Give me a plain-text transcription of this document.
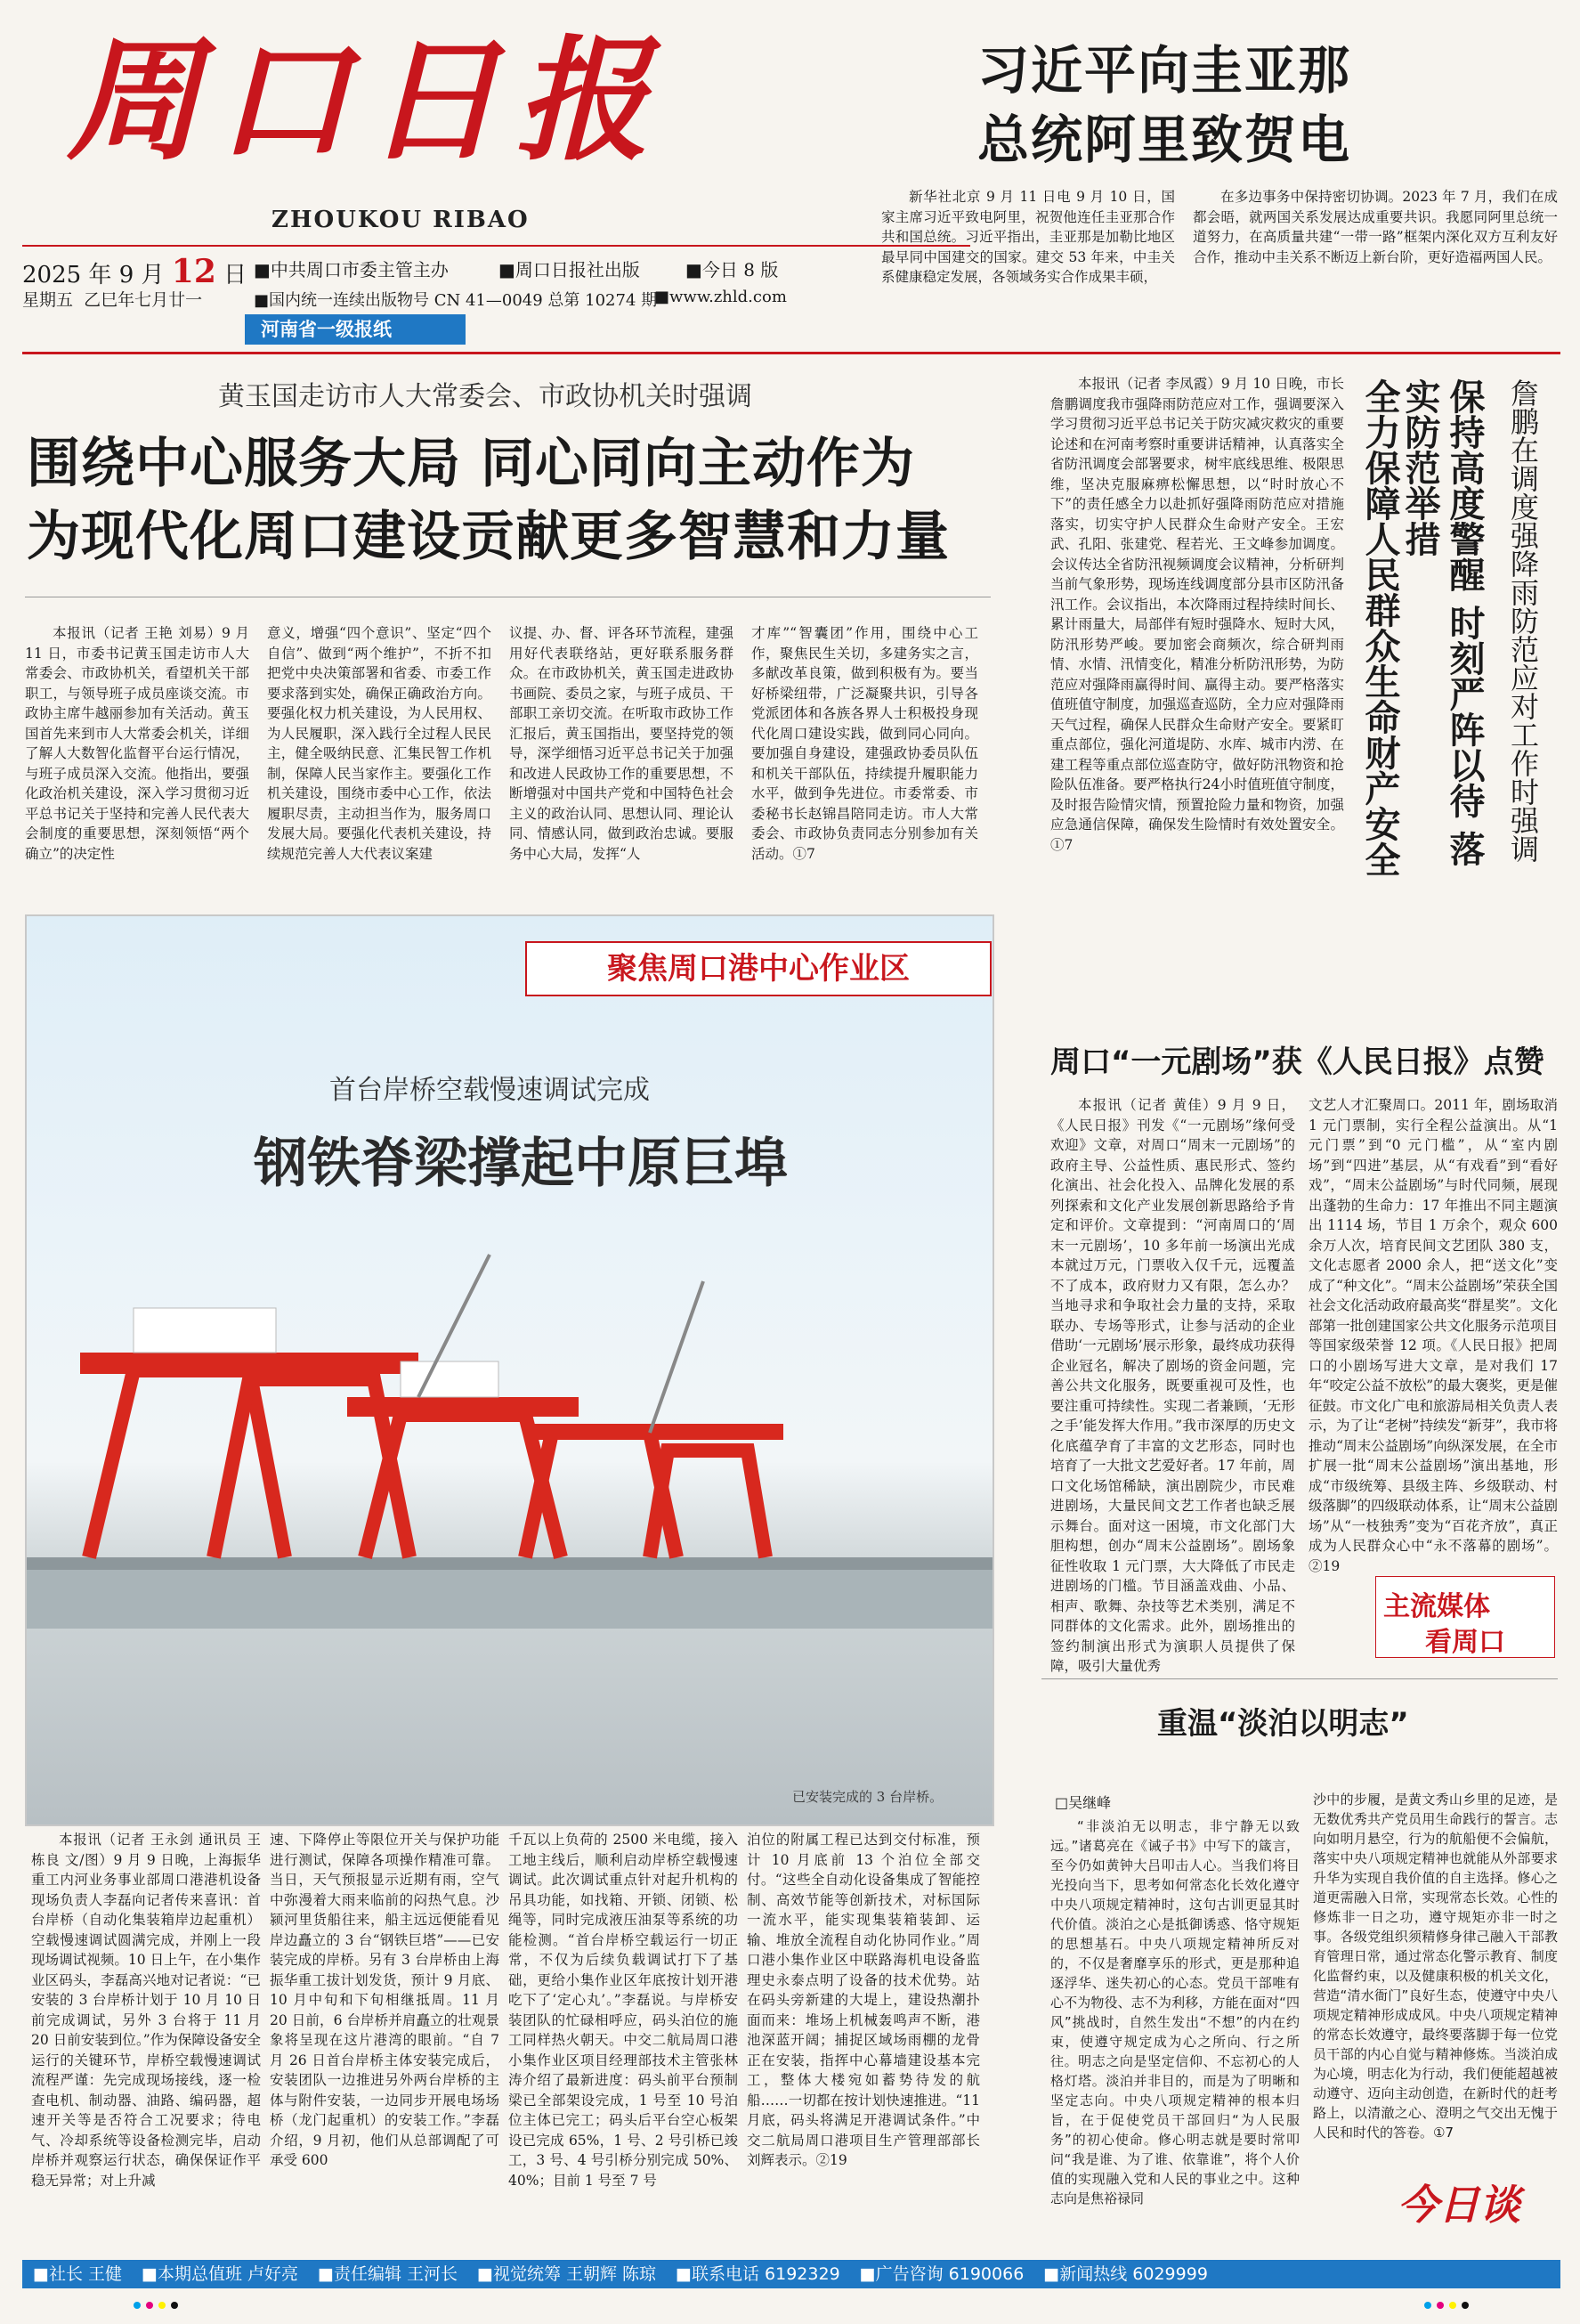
周口日报
ZHOUKOU RIBAO
2025 年 9 月 12 日 ■中共周口市委主管主办	■周口日报社出版	■今日 8 版
星期五 乙巳年七月廿一	■国内统一连续出版物号 CN 41—0049 总第 10274 期
■www.zhld.com
河南省一级报纸
习近平向圭亚那
总统阿里致贺电

新华社北京 9 月 11 日电 9 月 10 日，国家主席习近平致电阿里，祝贺他连任圭亚那合作共和国总统。习近平指出，圭亚那是加勒比地区最早同中国建交的国家。建交 53 年来，中圭关系健康稳定发展，各领域务实合作成果丰硕，

在多边事务中保持密切协调。2023 年 7 月，我们在成都会晤，就两国关系发展达成重要共识。我愿同阿里总统一道努力，在高质量共建“一带一路”框架内深化双方互利友好合作，推动中圭关系不断迈上新台阶，更好造福两国人民。

黄玉国走访市人大常委会、市政协机关时强调
围绕中心服务大局 同心同向主动作为
为现代化周口建设贡献更多智慧和力量

本报讯（记者 王艳 刘易）9 月 11 日，市委书记黄玉国走访市人大常委会、市政协机关，看望机关干部职工，与领导班子成员座谈交流。市政协主席牛越丽参加有关活动。黄玉国首先来到市人大常委会机关，详细了解人大数智化监督平台运行情况，与班子成员深入交流。他指出，要强化政治机关建设，深入学习贯彻习近平总书记关于坚持和完善人民代表大会制度的重要思想，深刻领悟“两个确立”的决定性

意义，增强“四个意识”、坚定“四个自信”、做到“两个维护”，不折不扣把党中央决策部署和省委、市委工作要求落到实处，确保正确政治方向。要强化权力机关建设，为人民用权、为人民履职，深入践行全过程人民民主，健全吸纳民意、汇集民智工作机制，保障人民当家作主。要强化工作机关建设，围绕市委中心工作，依法履职尽责，主动担当作为，服务周口发展大局。要强化代表机关建设，持续规范完善人大代表议案建

议提、办、督、评各环节流程，建强用好代表联络站，更好联系服务群众。在市政协机关，黄玉国走进政协书画院、委员之家，与班子成员、干部职工亲切交流。在听取市政协工作汇报后，黄玉国指出，要坚持党的领导，深学细悟习近平总书记关于加强和改进人民政协工作的重要思想，不断增强对中国共产党和中国特色社会主义的政治认同、思想认同、理论认同、情感认同，做到政治忠诚。要服务中心大局，发挥“人

才库”“智囊团”作用，围绕中心工作，聚焦民生关切，多建务实之言，多献改革良策，做到积极有为。要当好桥梁纽带，广泛凝聚共识，引导各党派团体和各族各界人士积极投身现代化周口建设实践，做到同心同向。要加强自身建设，建强政协委员队伍和机关干部队伍，持续提升履职能力水平，做到争先进位。市委常委、市委秘书长赵锦昌陪同走访。市人大常委会、市政协负责同志分别参加有关活动。①7

本报讯（记者 李凤霞）9 月 10 日晚，市长詹鹏调度我市强降雨防范应对工作，强调要深入学习贯彻习近平总书记关于防灾减灾救灾的重要论述和在河南考察时重要讲话精神，认真落实全省防汛调度会部署要求，树牢底线思维、极限思维，坚决克服麻痹松懈思想，以“时时放心不下”的责任感全力以赴抓好强降雨防范应对措施落实，切实守护人民群众生命财产安全。王宏武、孔阳、张建党、程若光、王文峰参加调度。会议传达全省防汛视频调度会议精神，分析研判当前气象形势，现场连线调度部分县市区防汛备汛工作。会议指出，本次降雨过程持续时间长、累计雨量大，局部伴有短时强降水、短时大风，防汛形势严峻。要加密会商频次，综合研判雨情、水情、汛情变化，精准分析防汛形势，为防范应对强降雨赢得时间、赢得主动。要严格落实值班值守制度，加强巡查巡防，全力应对强降雨天气过程，确保人民群众生命财产安全。要紧盯重点部位，强化河道堤防、水库、城市内涝、在建工程等重点部位巡查防守，做好防汛物资和抢险队伍准备。要严格执行24小时值班值守制度，及时报告险情灾情，预置抢险力量和物资，加强应急通信保障，确保发生险情时有效处置安全。①7	保持高度警醒 时刻严阵以待 落实防范举措
全力保障人民群众生命财产安全	詹鹏在调度强降雨防范应对工作时强调
聚焦周口港中心作业区
首台岸桥空载慢速调试完成
钢铁脊梁撑起中原巨埠
已安装完成的 3 台岸桥。

本报讯（记者 王永剑 通讯员 王栋良 文/图）9 月 9 日晚，上海振华重工内河业务事业部周口港港机设备现场负责人李磊向记者传来喜讯：首台岸桥（自动化集装箱岸边起重机）空载慢速调试圆满完成，并刚上一段现场调试视频。10 日上午，在小集作业区码头，李磊高兴地对记者说：“已安装的 3 台岸桥计划于 10 月 10 日前完成调试，另外 3 台将于 11 月 20 日前安装到位。”作为保障设备安全运行的关键环节，岸桥空载慢速调试流程严谨：先完成现场接线，逐一检查电机、制动器、油路、编码器，超速开关等是否符合工况要求；待电气、冷却系统等设备检测完毕，启动岸桥并观察运行状态，确保保证作平稳无异常；对上升减

速、下降停止等限位开关与保护功能进行测试，保障各项操作精准可靠。当日，天气预报显示近期有雨，空气中弥漫着大雨来临前的闷热气息。沙颍河里货船往来，船主远远便能看见岸边矗立的 3 台“钢铁巨塔”——已安装完成的岸桥。另有 3 台岸桥由上海振华重工拔计划发货，预计 9 月底、10 月中旬和下旬相继抵周。11 月 20 日前，6 台岸桥并肩矗立的壮观景象将呈现在这片港湾的眼前。“自 7 月 26 日首台岸桥主体安装完成后，安装团队一边推进另外两台岸桥的主体与附件安装，一边同步开展电场场桥（龙门起重机）的安装工作。”李磊介绍，9 月初，他们从总部调配了可承受 600

千瓦以上负荷的 2500 米电缆，接入工地主线后，顺利启动岸桥空载慢速调试。此次调试重点针对起升机构的吊具功能，如找箱、开锁、闭锁、松绳等，同时完成液压油泵等系统的功能检测。“首台岸桥空载运行一切正常，不仅为后续负载调试打下了基础，更给小集作业区年底按计划开港吃下了‘定心丸’。”李磊说。与岸桥安装团队的忙碌相呼应，码头泊位的施工同样热火朝天。中交二航局周口港小集作业区项目经理部技术主管张林涛介绍了最新进度：码头前平台预制梁已全部架设完成，1 号至 10 号泊位主体已完工；码头后平台空心板架设已完成 65%，1 号、2 号引桥已竣工，3 号、4 号引桥分别完成 50%、40%；目前 1 号至 7 号

泊位的附属工程已达到交付标准，预计 10 月底前 13 个泊位全部交付。“这些全自动化设备集成了智能控制、高效节能等创新技术，对标国际一流水平，能实现集装箱装卸、运输、堆放全流程自动化协同作业。”周口港小集作业区中联路海机电设备监理史永泰点明了设备的技术优势。站在码头旁新建的大堤上，建设热潮扑面而来：堆场上机械轰鸣声不断，港池深蓝开阔；捕捉区域场雨棚的龙骨正在安装，指挥中心幕墙建设基本完工，整体大楼宛如蓄势待发的航船……一切都在按计划快速推进。“11 月底，码头将满足开港调试条件。”中交二航局周口港项目生产管理部部长刘辉表示。②19

周口“一元剧场”获《人民日报》点赞

本报讯（记者 黄佳）9 月 9 日，《人民日报》刊发《“一元剧场”缘何受欢迎》文章，对周口“周末一元剧场”的政府主导、公益性质、惠民形式、签约化演出、社会化投入、品牌化发展的系列探索和文化产业发展创新思路给予肯定和评价。文章提到：“河南周口的‘周末一元剧场’，10 多年前一场演出光成本就过万元，门票收入仅千元，远覆盖不了成本，政府财力又有限，怎么办？当地寻求和争取社会力量的支持，采取联办、专场等形式，让参与活动的企业借助‘一元剧场’展示形象，最终成功获得企业冠名，解决了剧场的资金问题，完善公共文化服务，既要重视可及性，也要注重可持续性。实现二者兼顾，‘无形之手’能发挥大作用。”我市深厚的历史文化底蕴孕育了丰富的文艺形态，同时也培育了一大批文艺爱好者。17 年前，周口文化场馆稀缺，演出剧院少，市民难进剧场，大量民间文艺工作者也缺乏展示舞台。面对这一困境，市文化部门大胆构想，创办“周末公益剧场”。剧场象征性收取 1 元门票，大大降低了市民走进剧场的门槛。节目涵盖戏曲、小品、相声、歌舞、杂技等艺术类别，满足不同群体的文化需求。此外，剧场推出的签约制演出形式为演职人员提供了保障，吸引大量优秀

文艺人才汇聚周口。2011 年，剧场取消 1 元门票制，实行全程公益演出。从“1 元门票”到“0 元门槛”，从“室内剧场”到“四进”基层，从“有戏看”到“看好戏”，“周末公益剧场”与时代同频，展现出蓬勃的生命力：17 年推出不同主题演出 1114 场，节目 1 万余个，观众 600 余万人次，培育民间文艺团队 380 支，文化志愿者 2000 余人，把“送文化”变成了“种文化”。“周末公益剧场”荣获全国社会文化活动政府最高奖“群星奖”。文化部第一批创建国家公共文化服务示范项目等国家级荣誉 12 项。《人民日报》把周口的小剧场写进大文章，是对我们 17 年“咬定公益不放松”的最大褒奖，更是催征鼓。市文化广电和旅游局相关负责人表示，为了让“老树”持续发“新芽”，我市将推动“周末公益剧场”向纵深发展，在全市扩展一批“周末公益剧场”演出基地，形成“市级统筹、县级主阵、乡级联动、村级落脚”的四级联动体系，让“周末公益剧场”从“一枝独秀”变为“百花齐放”，真正成为人民群众心中“永不落幕的剧场”。②19

主流媒体
看周口
重温“淡泊以明志”
□吴继峰

“非淡泊无以明志，非宁静无以致远。”诸葛亮在《诫子书》中写下的箴言，至今仍如黄钟大吕叩击人心。当我们将目光投向当下，思考如何常态化长效化遵守中央八项规定精神时，这句古训更显其时代价值。淡泊之心是抵御诱惑、恪守规矩的思想基石。中央八项规定精神所反对的，不仅是奢靡享乐的形式，更是那种追逐浮华、迷失初心的心态。党员干部唯有心不为物役、志不为利移，方能在面对“四风”挑战时，自然生发出“不想”的内在约束，使遵守规定成为心之所向、行之所往。明志之向是坚定信仰、不忘初心的人格灯塔。淡泊并非目的，而是为了明晰和坚定志向。中央八项规定精神的根本归旨，在于促使党员干部回归“为人民服务”的初心使命。修心明志就是要时常叩问“我是谁、为了谁、依靠谁”，将个人价值的实现融入党和人民的事业之中。这种志向是焦裕禄同

沙中的步履，是黄文秀山乡里的足迹，是无数优秀共产党员用生命践行的誓言。志向如明月悬空，行为的航船便不会偏航，落实中央八项规定精神也就能从外部要求升华为实现自我价值的自主选择。修心之道更需融入日常，实现常态长效。心性的修炼非一日之功，遵守规矩亦非一时之事。各级党组织须精修身律己融入干部教育管理日常，通过常态化警示教育、制度化监督约束，以及健康积极的机关文化，营造“清水衙门”良好生态，使遵守中央八项规定精神形成成风。中央八项规定精神的常态长效遵守，最终要落脚于每一位党员干部的内心自觉与精神修炼。当淡泊成为心境，明志化为行动，我们便能超越被动遵守、迈向主动创造，在新时代的赶考路上，以清澈之心、澄明之气交出无愧于人民和时代的答卷。①7

今日谈
■社长 王健 ■本期总值班 卢好亮 ■责任编辑 王河长 ■视觉统筹 王朝辉 陈琼 ■联系电话 6192329 ■广告咨询 6190066 ■新闻热线 6029999
